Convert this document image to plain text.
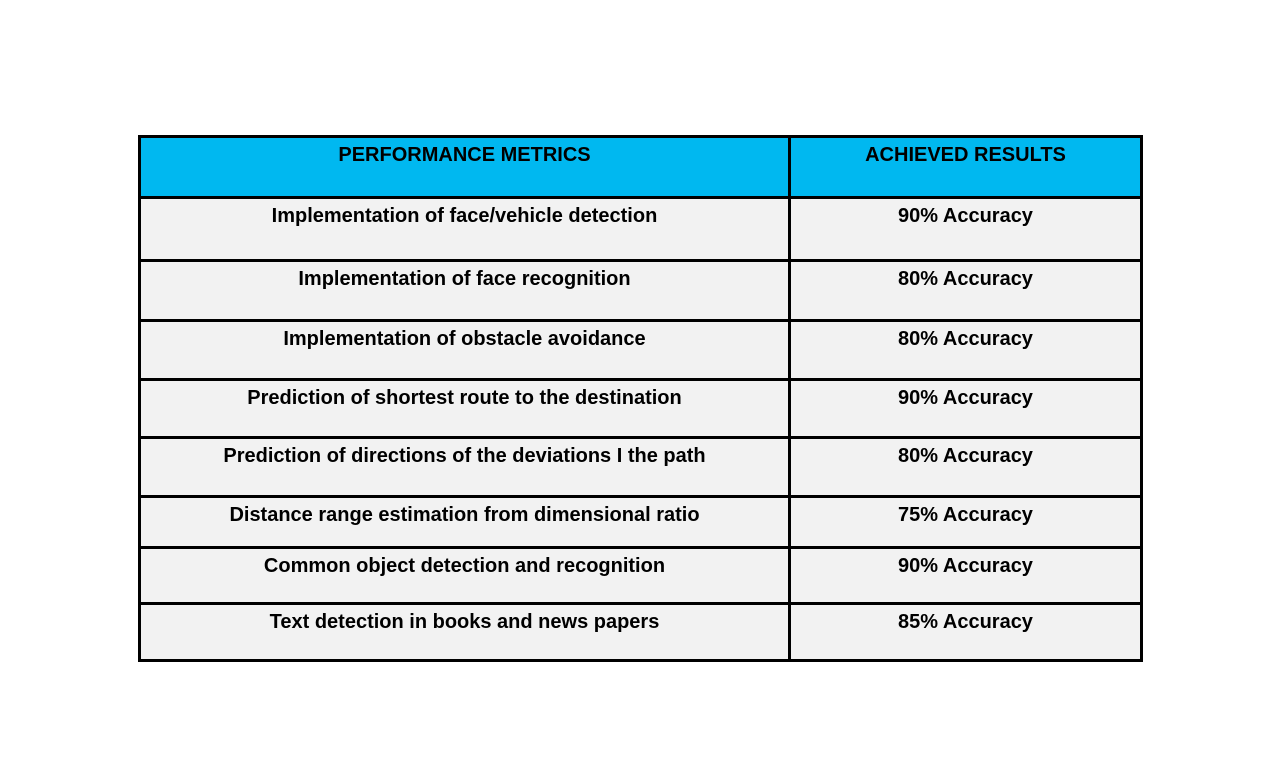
PERFORMANCE METRICS	ACHIEVED RESULTS
Implementation of face/vehicle detection	90% Accuracy
Implementation of face recognition	80% Accuracy
Implementation of obstacle avoidance	80% Accuracy
Prediction of shortest route to the destination	90% Accuracy
Prediction of directions of the deviations I the path	80% Accuracy
Distance range estimation from dimensional ratio	75% Accuracy
Common object detection and recognition	90% Accuracy
Text detection in books and news papers	85% Accuracy
